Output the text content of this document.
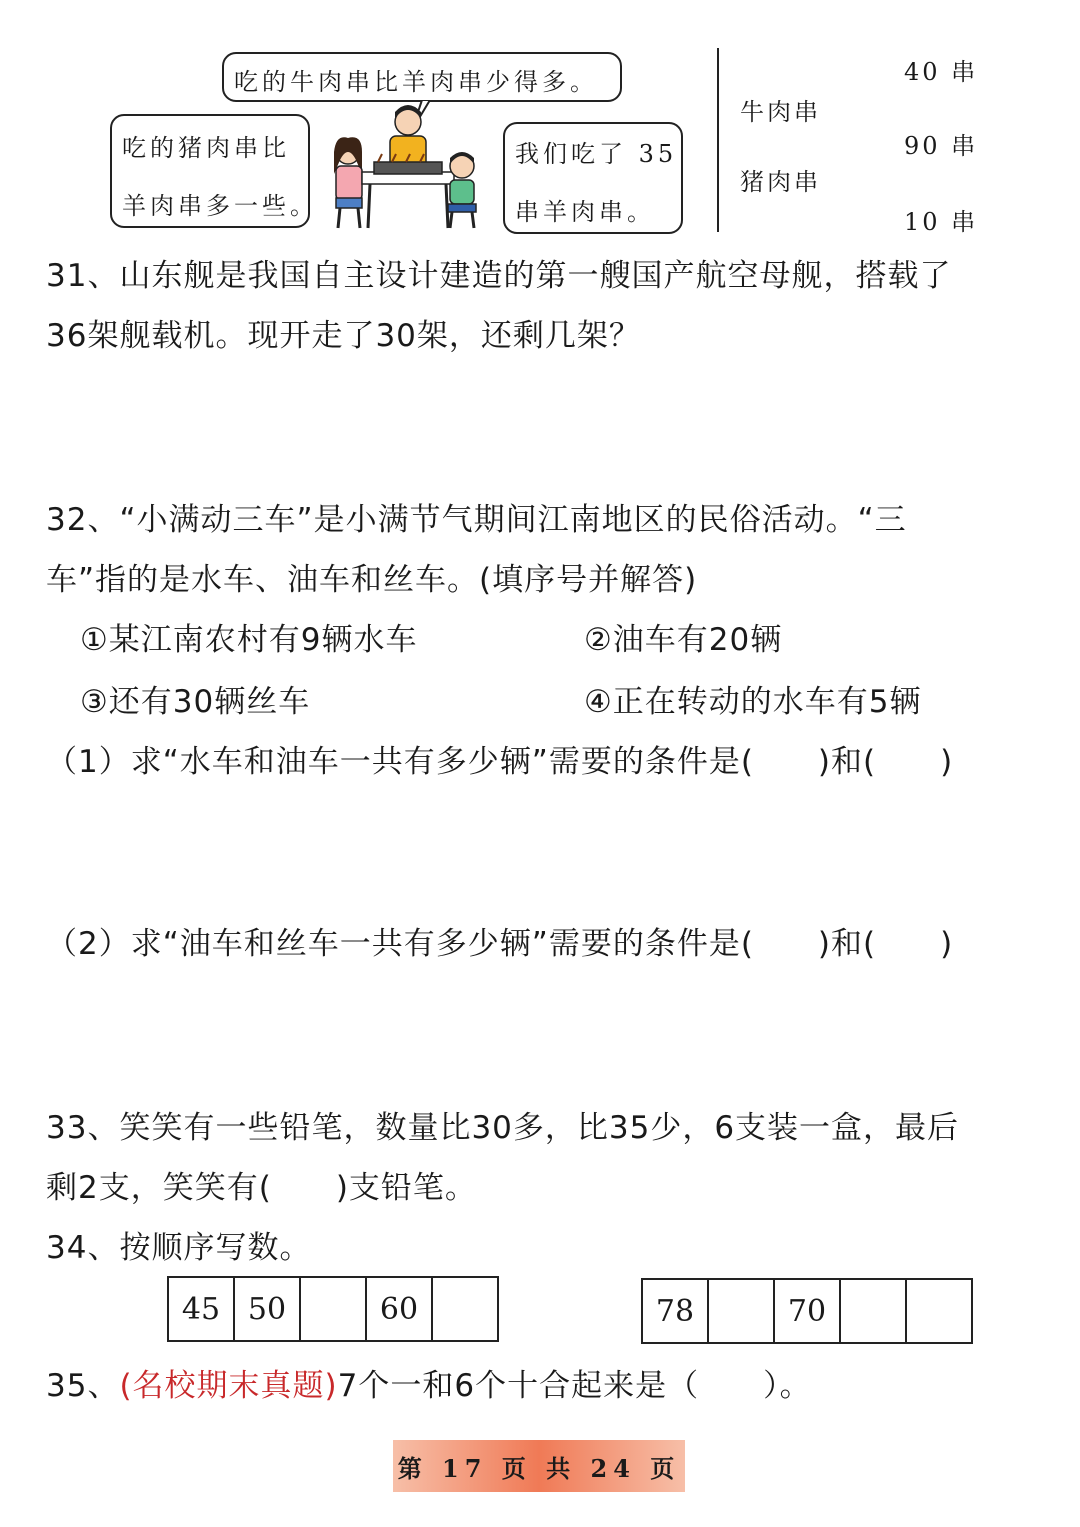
吃的牛肉串比羊肉串少得多。
吃的猪肉串比
羊肉串多一些。
我们吃了 35
串羊肉串。
牛肉串
猪肉串
40 串
90 串
10 串
31、山东舰是我国自主设计建造的第一艘国产航空母舰，搭载了
36架舰载机。现开走了30架，还剩几架？
32、“小满动三车”是小满节气期间江南地区的民俗活动。“三
车”指的是水车、油车和丝车。(填序号并解答)
①某江南农村有9辆水车	②油车有20辆
③还有30辆丝车	④正在转动的水车有5辆
（1）求“水车和油车一共有多少辆”需要的条件是(　　)和(　　)
（2）求“油车和丝车一共有多少辆”需要的条件是(　　)和(　　)
33、笑笑有一些铅笔，数量比30多，比35少，6支装一盒，最后
剩2支，笑笑有(　　)支铅笔。
34、按顺序写数。
45 50	60	78	70
35、(名校期末真题)7个一和6个十合起来是（　　）。
第 17 页 共 24 页
